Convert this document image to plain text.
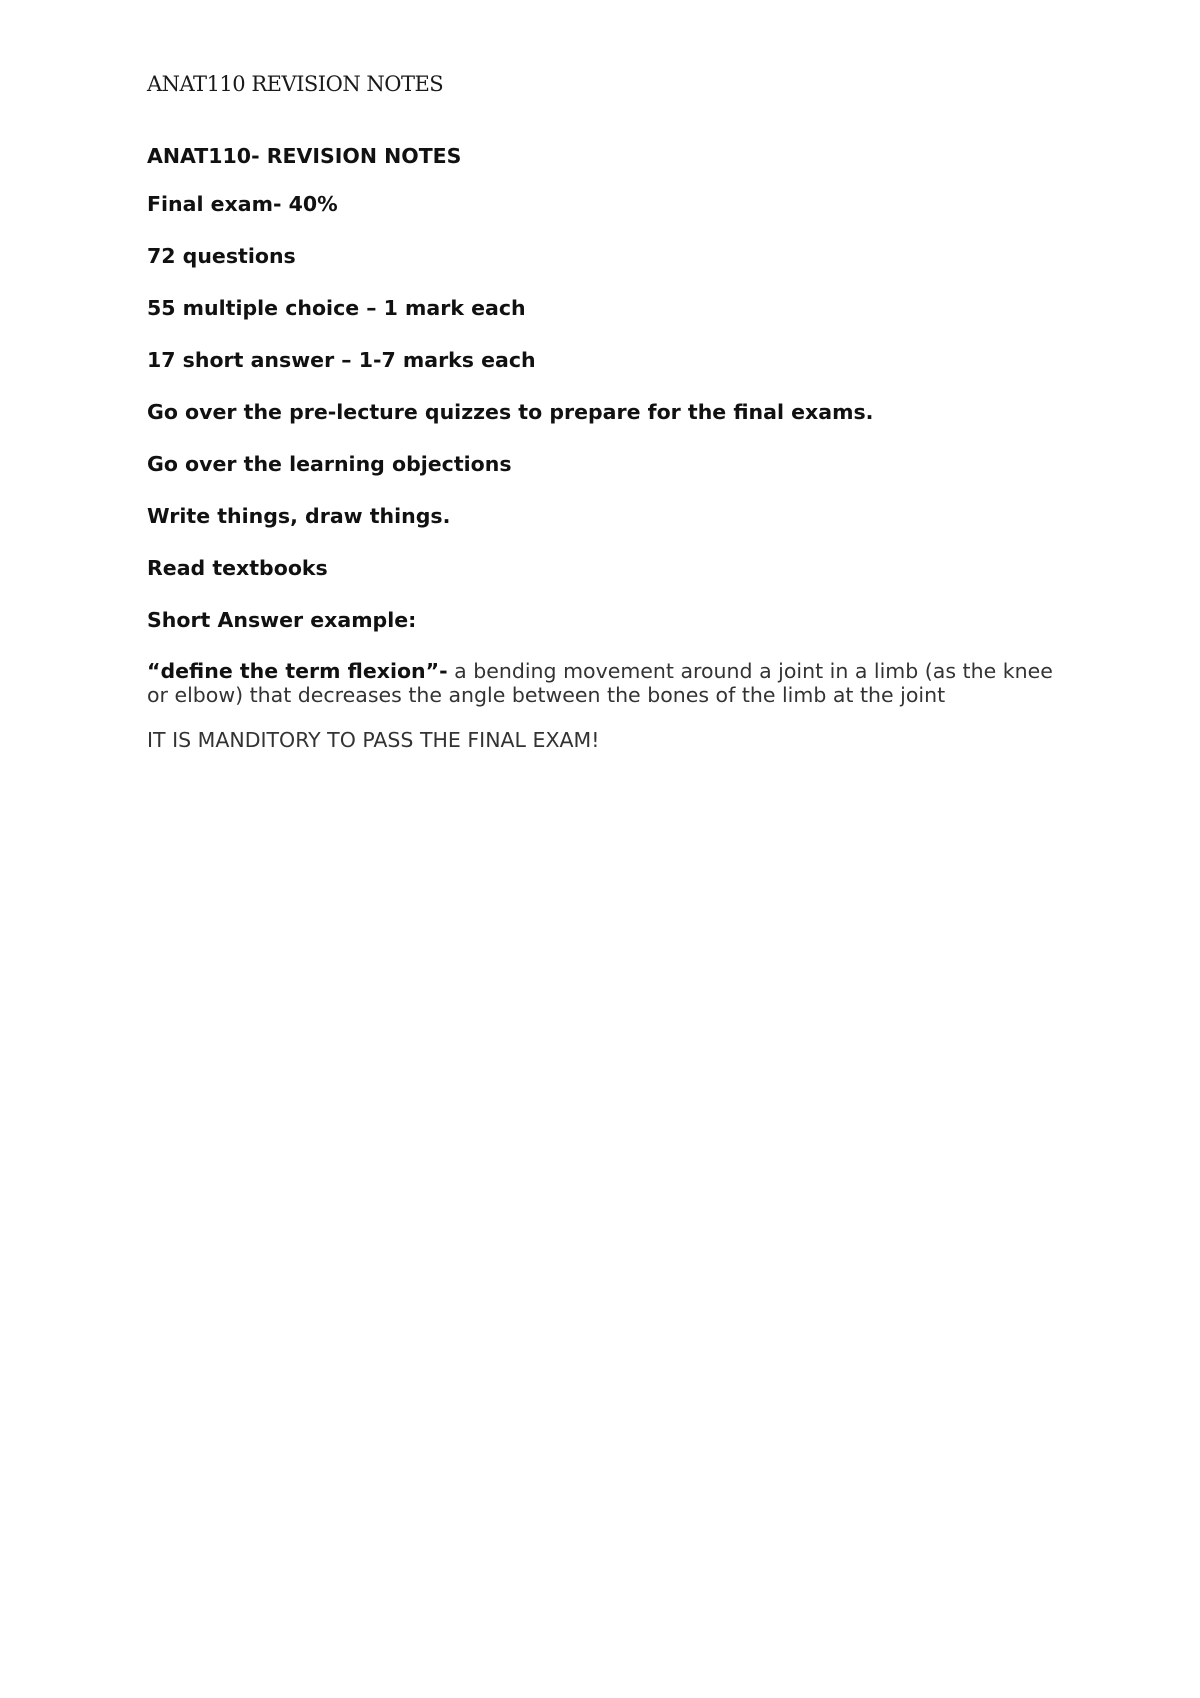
ANAT110 REVISION NOTES

ANAT110- REVISION NOTES

Final exam- 40%

72 questions

55 multiple choice – 1 mark each

17 short answer – 1-7 marks each

Go over the pre-lecture quizzes to prepare for the final exams.

Go over the learning objections

Write things, draw things.

Read textbooks

Short Answer example:

“define the term flexion”- a bending movement around a joint in a limb (as the knee or elbow) that decreases the angle between the bones of the limb at the joint

IT IS MANDITORY TO PASS THE FINAL EXAM!
